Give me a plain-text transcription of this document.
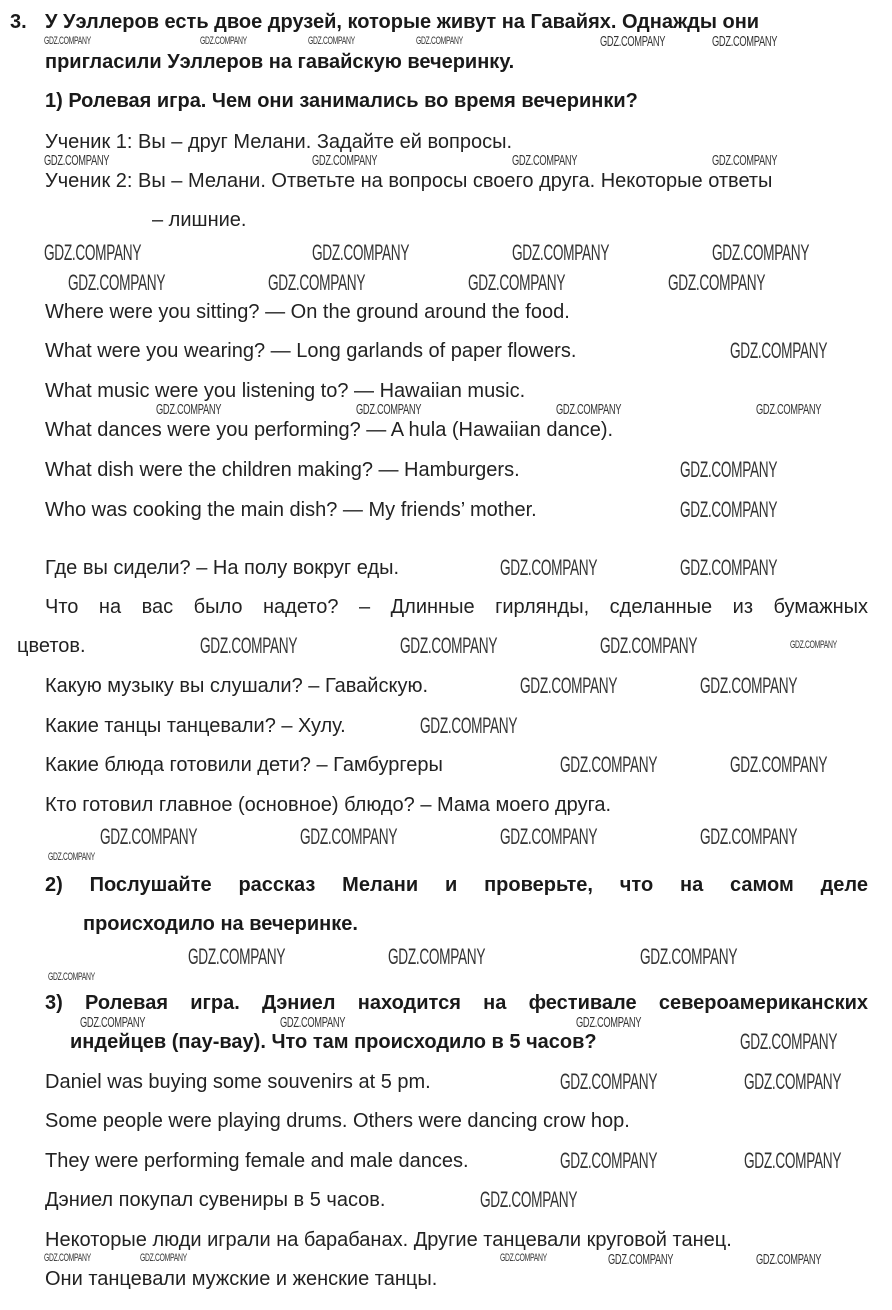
3. У Уэллеров есть двое друзей, которые живут на Гавайях. Однажды они
пригласили Уэллеров на гавайскую вечеринку.
1) Ролевая игра. Чем они занимались во время вечеринки?
Ученик 1: Вы – друг Мелани. Задайте ей вопросы.
Ученик 2: Вы – Мелани. Ответьте на вопросы своего друга. Некоторые ответы
– лишние.
Where were you sitting? — On the ground around the food.
What were you wearing? — Long garlands of paper flowers.
What music were you listening to? — Hawaiian music.
What dances were you performing? — A hula (Hawaiian dance).
What dish were the children making? — Hamburgers.
Who was cooking the main dish? — My friends’ mother.
Где вы сидели? – На полу вокруг еды.
Что на вас было надето? – Длинные гирлянды, сделанные из бумажных
цветов.
Какую музыку вы слушали? – Гавайскую.
Какие танцы танцевали? – Хулу.
Какие блюда готовили дети? – Гамбургеры
Кто готовил главное (основное) блюдо? – Мама моего друга.
2) Послушайте рассказ Мелани и проверьте, что на самом деле
происходило на вечеринке.
3) Ролевая игра. Дэниел находится на фестивале североамериканских
индейцев (пау-вау). Что там происходило в 5 часов?
Daniel was buying some souvenirs at 5 pm.
Some people were playing drums. Others were dancing crow hop.
They were performing female and male dances.
Дэниел покупал сувениры в 5 часов.
Некоторые люди играли на барабанах. Другие танцевали круговой танец.
Они танцевали мужские и женские танцы.
GDZ.COMPANY	GDZ.COMPANY	GDZ.COMPANY	GDZ.COMPANY	GDZ.COMPANY	GDZ.COMPANY
GDZ.COMPANY	GDZ.COMPANY	GDZ.COMPANY	GDZ.COMPANY
GDZ.COMPANY	GDZ.COMPANY	GDZ.COMPANY	GDZ.COMPANY
GDZ.COMPANY	GDZ.COMPANY	GDZ.COMPANY	GDZ.COMPANY
GDZ.COMPANY	GDZ.COMPANY	GDZ.COMPANY	GDZ.COMPANY
GDZ.COMPANY
GDZ.COMPANY
GDZ.COMPANY
GDZ.COMPANY	GDZ.COMPANY
GDZ.COMPANY	GDZ.COMPANY	GDZ.COMPANY	GDZ.COMPANY
GDZ.COMPANY	GDZ.COMPANY
GDZ.COMPANY
GDZ.COMPANY	GDZ.COMPANY
GDZ.COMPANY	GDZ.COMPANY	GDZ.COMPANY	GDZ.COMPANY
GDZ.COMPANY
GDZ.COMPANY	GDZ.COMPANY	GDZ.COMPANY
GDZ.COMPANY
GDZ.COMPANY	GDZ.COMPANY	GDZ.COMPANY
GDZ.COMPANY
GDZ.COMPANY	GDZ.COMPANY
GDZ.COMPANY	GDZ.COMPANY
GDZ.COMPANY
GDZ.COMPANY	GDZ.COMPANY	GDZ.COMPANY	GDZ.COMPANY	GDZ.COMPANY
